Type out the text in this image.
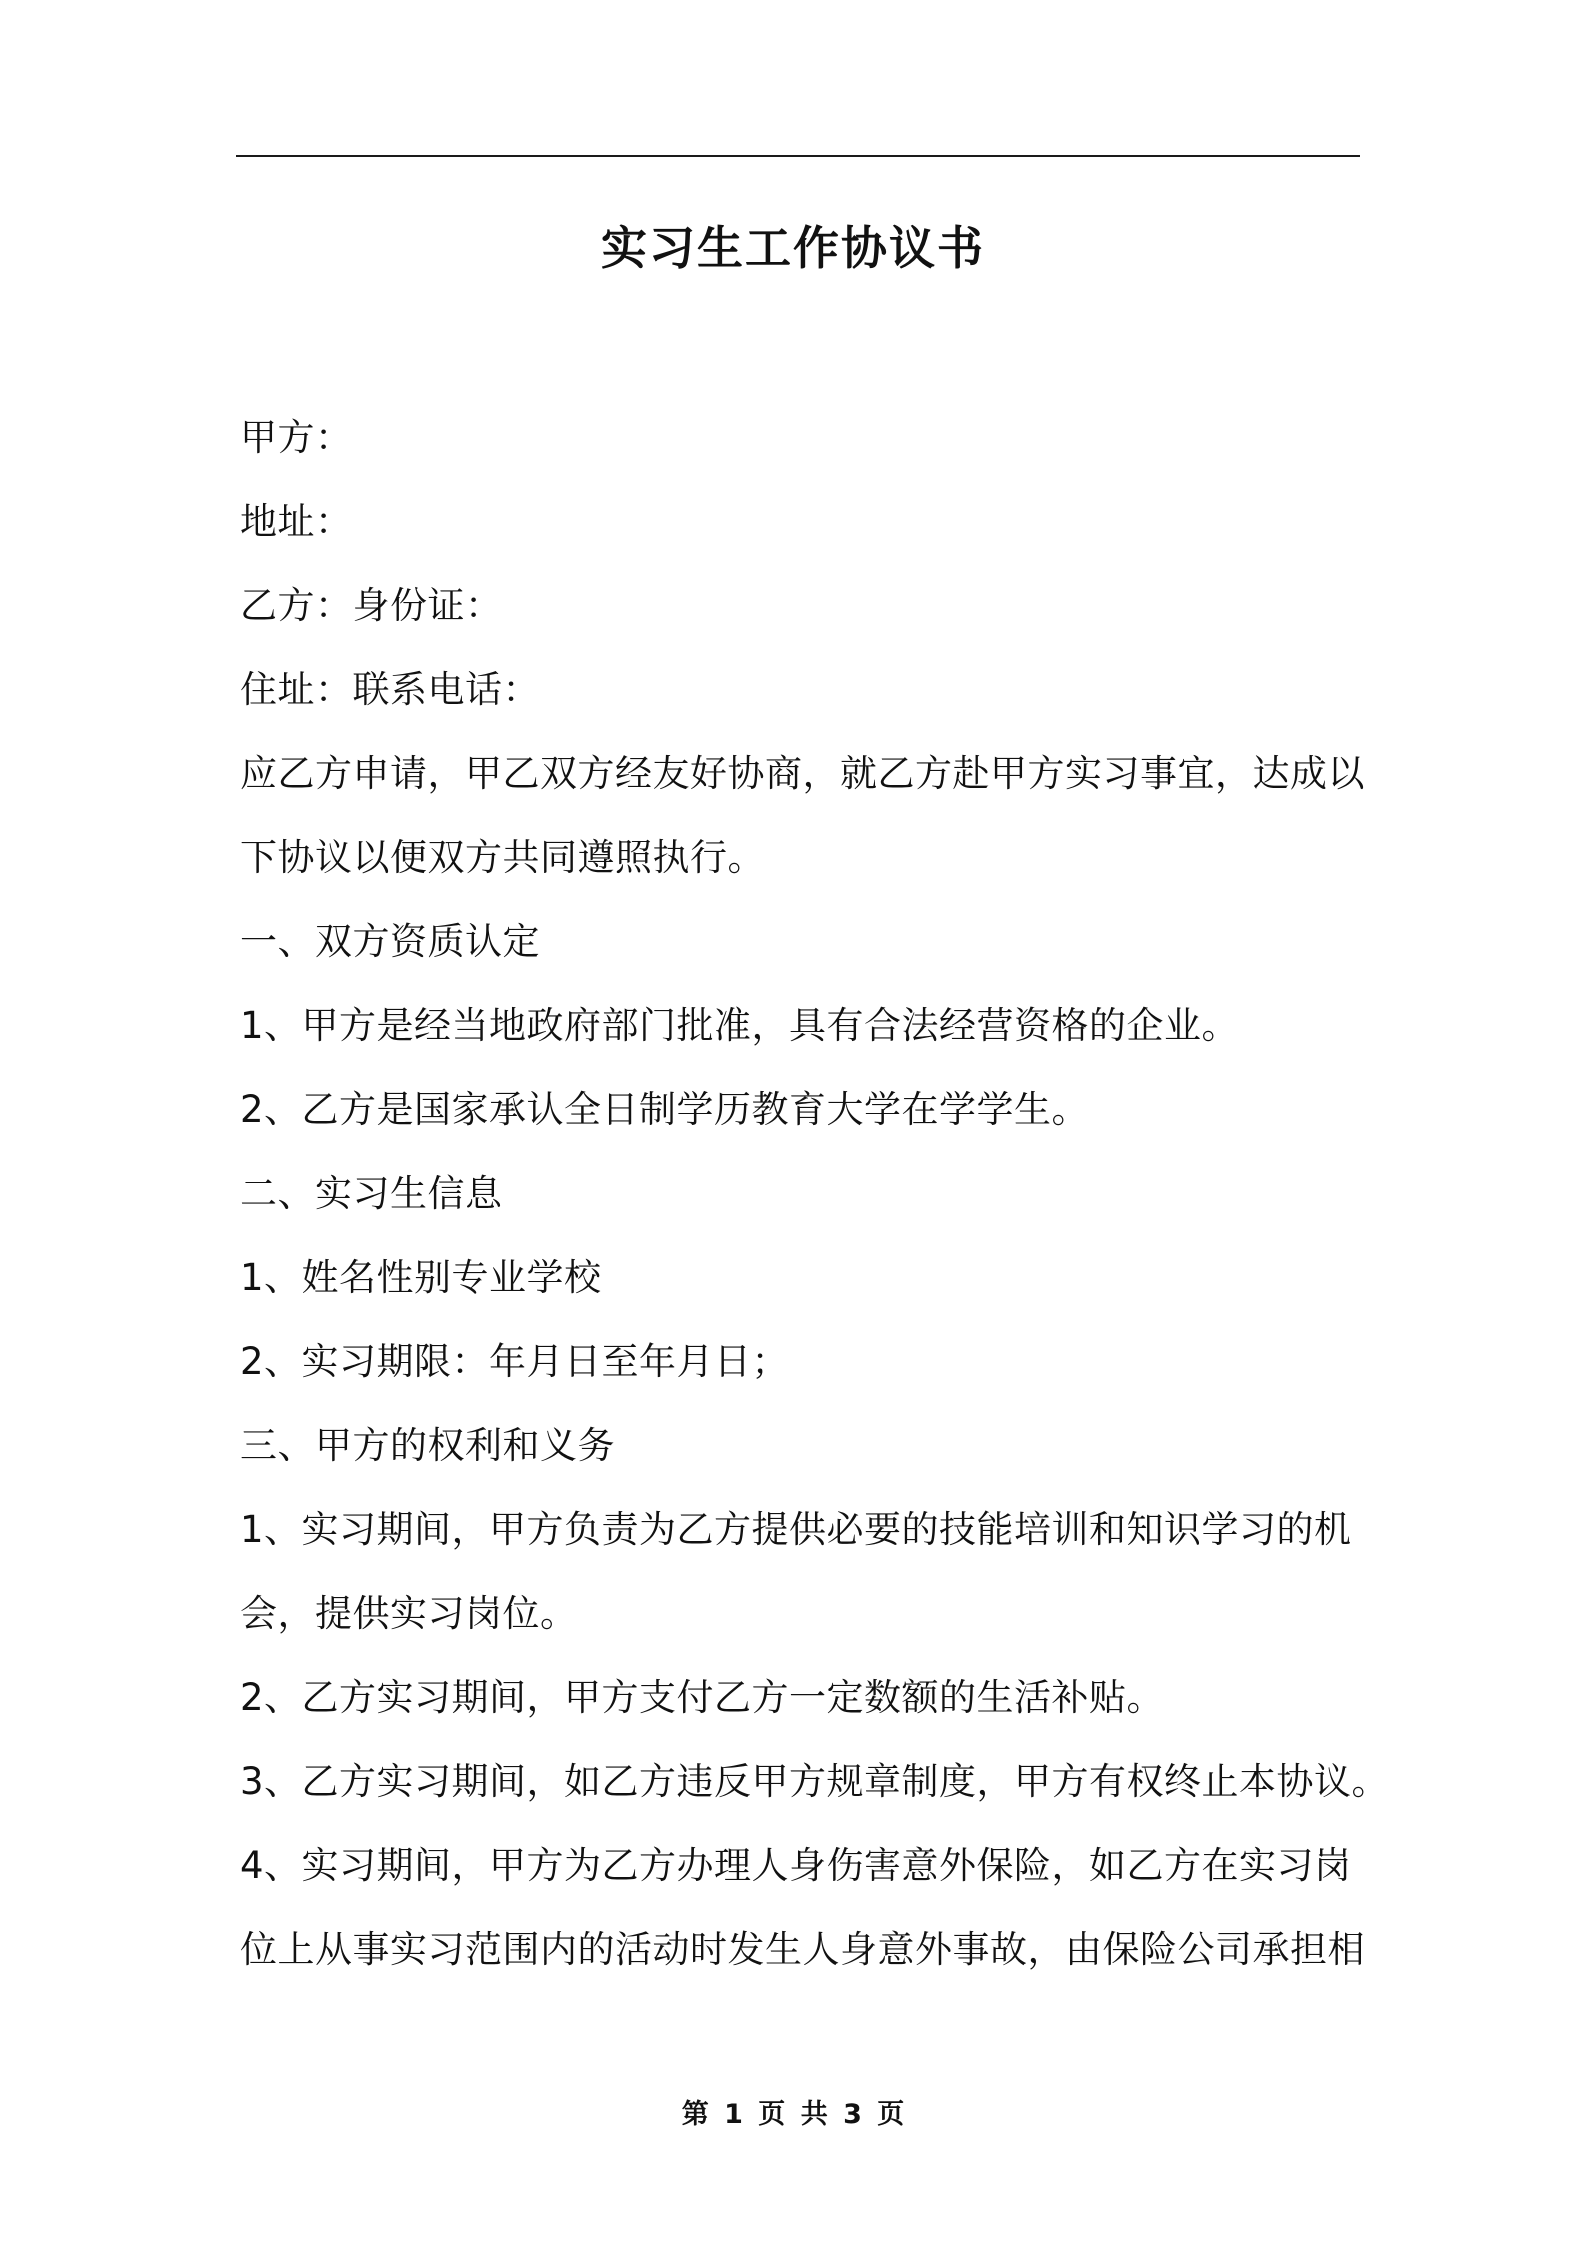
实习生工作协议书
甲方：
地址：
乙方：身份证：
住址：联系电话：
应乙方申请，甲乙双方经友好协商，就乙方赴甲方实习事宜，达成以
下协议以便双方共同遵照执行。
一、双方资质认定
1、甲方是经当地政府部门批准，具有合法经营资格的企业。
2、乙方是国家承认全日制学历教育大学在学学生。
二、实习生信息
1、姓名性别专业学校
2、实习期限：年月日至年月日；
三、甲方的权利和义务
1、实习期间，甲方负责为乙方提供必要的技能培训和知识学习的机
会，提供实习岗位。
2、乙方实习期间，甲方支付乙方一定数额的生活补贴。
3、乙方实习期间，如乙方违反甲方规章制度，甲方有权终止本协议。
4、实习期间，甲方为乙方办理人身伤害意外保险，如乙方在实习岗
位上从事实习范围内的活动时发生人身意外事故，由保险公司承担相
第 1 页 共 3 页
